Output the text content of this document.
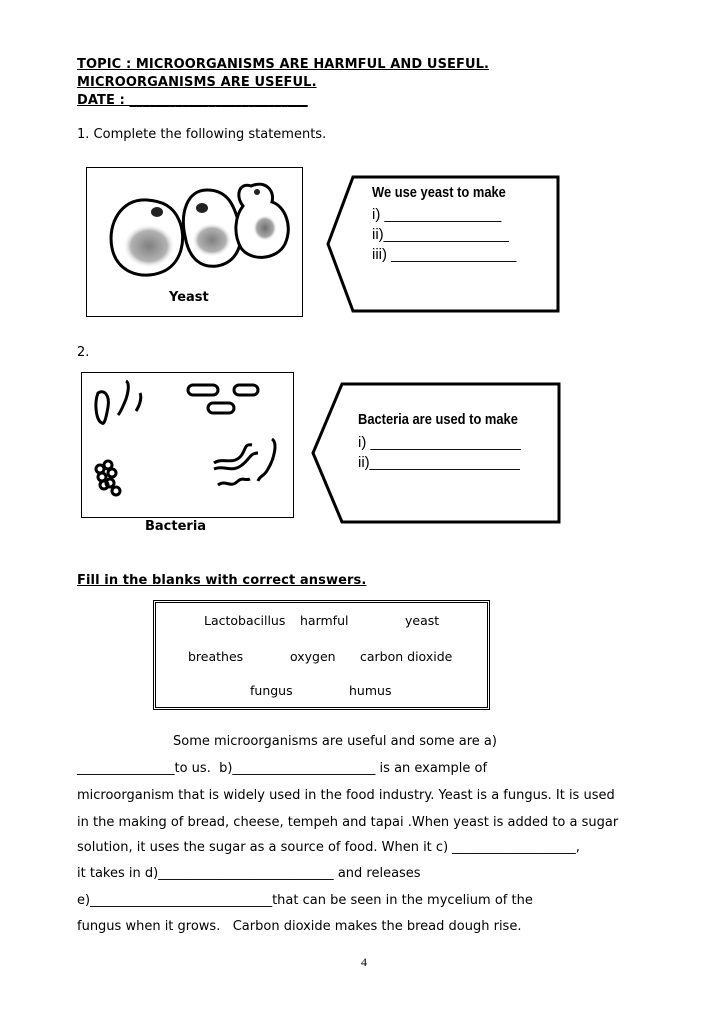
TOPIC : MICROORGANISMS ARE HARMFUL AND USEFUL.
MICROORGANISMS ARE USEFUL.
DATE : ___________________________
1. Complete the following statements.
Yeast
We use yeast to make
i) ______________
ii)_______________
iii) _______________
2.
Bacteria
Bacteria are used to make
i) __________________
ii)__________________
Fill in the blanks with correct answers.
Lactobacillus harmful	yeast
breathes	oxygen carbon dioxide
fungus	humus
Some microorganisms are useful and some are a)
_______________to us.  b)______________________ is an example of
microorganism that is widely used in the food industry. Yeast is a fungus. It is used
in the making of bread, cheese, tempeh and tapai .When yeast is added to a sugar
solution, it uses the sugar as a source of food. When it c) ___________________,
it takes in d)___________________________ and releases
e)____________________________that can be seen in the mycelium of the
fungus when it grows.   Carbon dioxide makes the bread dough rise.
4
